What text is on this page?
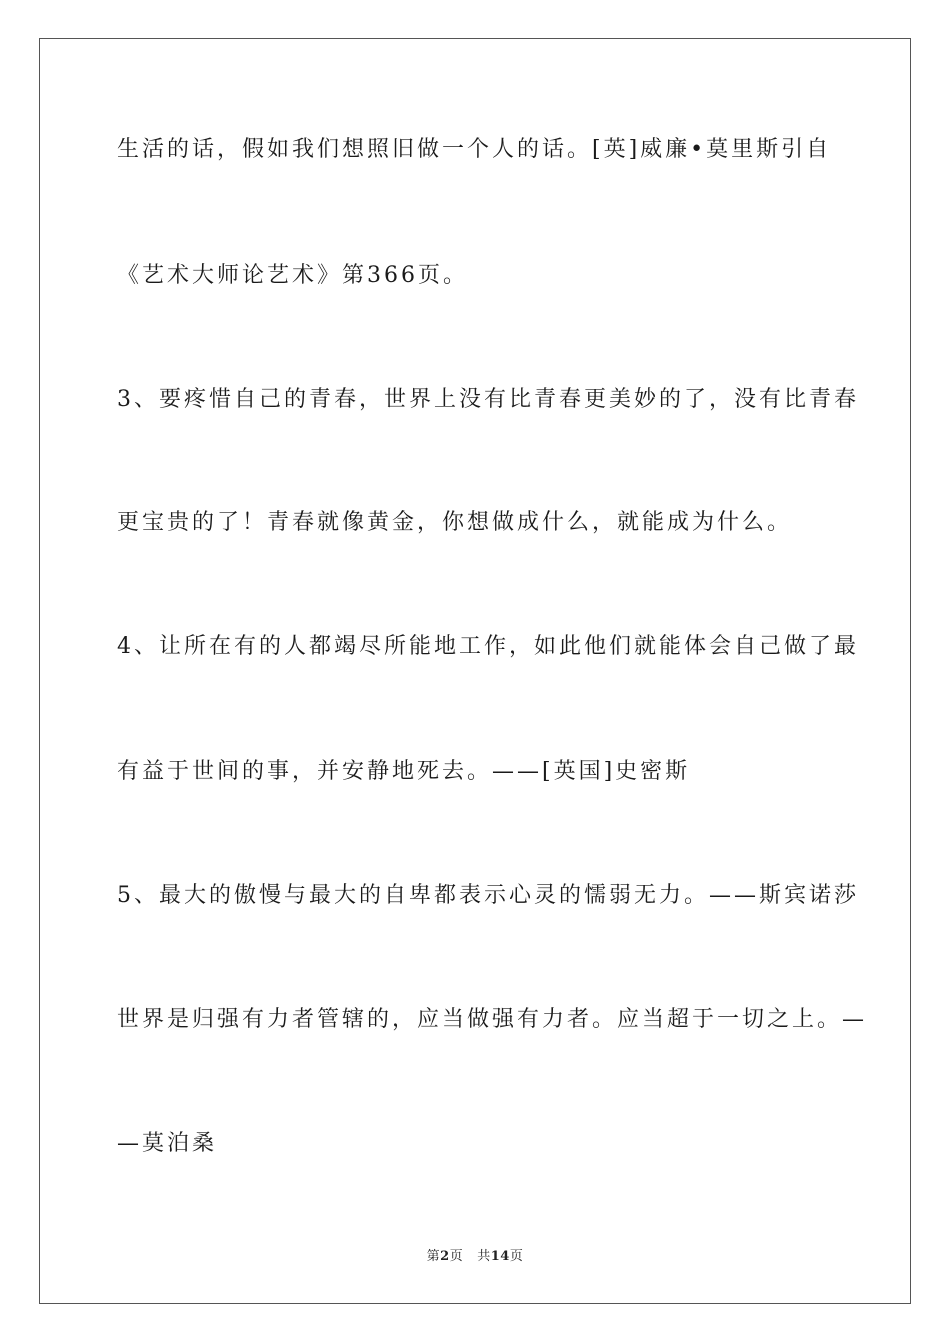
生活的话，假如我们想照旧做一个人的话。[英]威廉•莫里斯引自
《艺术大师论艺术》第366页。
3、要疼惜自己的青春，世界上没有比青春更美妙的了，没有比青春
更宝贵的了！青春就像黄金，你想做成什么，就能成为什么。
4、让所在有的人都竭尽所能地工作，如此他们就能体会自己做了最
有益于世间的事，并安静地死去。——[英国]史密斯
5、最大的傲慢与最大的自卑都表示心灵的懦弱无力。——斯宾诺莎
世界是归强有力者管辖的，应当做强有力者。应当超于一切之上。—
—莫泊桑
第2页 共14页
